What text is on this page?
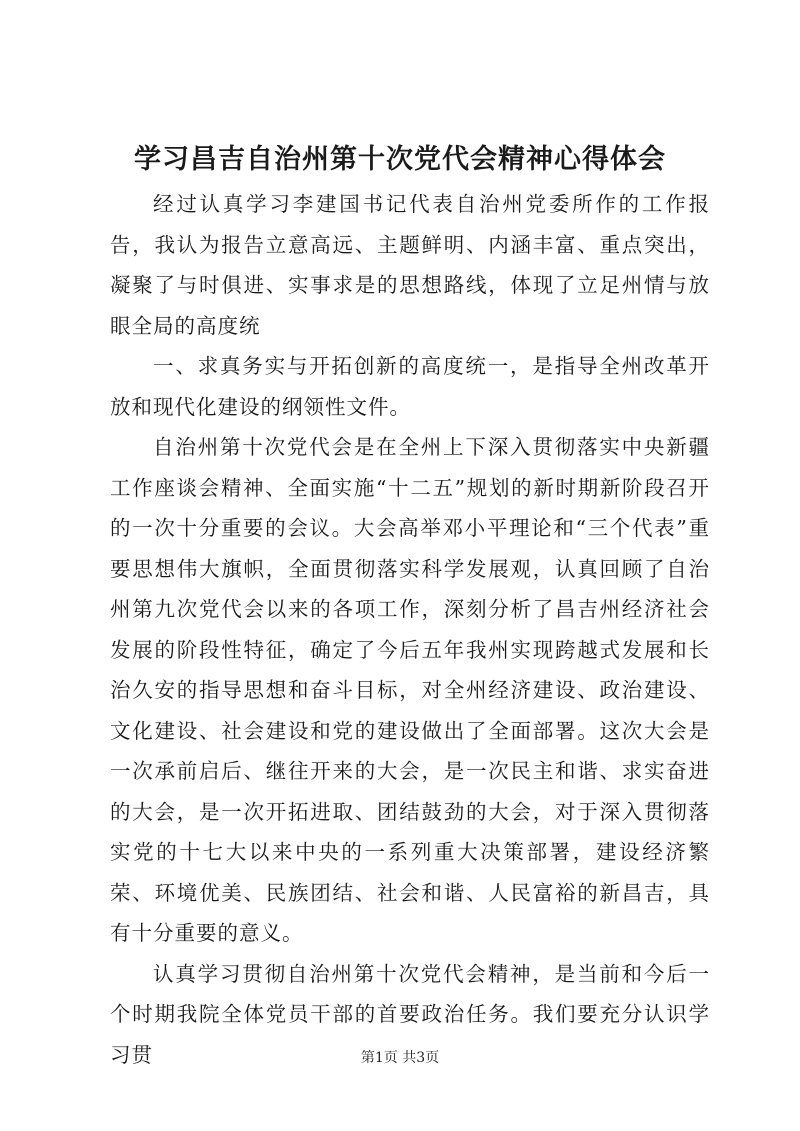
学习昌吉自治州第十次党代会精神心得体会

经过认真学习李建国书记代表自治州党委所作的工作报告，我认为报告立意高远、主题鲜明、内涵丰富、重点突出，凝聚了与时俱进、实事求是的思想路线，体现了立足州情与放眼全局的高度统

一、求真务实与开拓创新的高度统一，是指导全州改革开放和现代化建设的纲领性文件。

自治州第十次党代会是在全州上下深入贯彻落实中央新疆工作座谈会精神、全面实施“十二五”规划的新时期新阶段召开的一次十分重要的会议。大会高举邓小平理论和“三个代表”重要思想伟大旗帜，全面贯彻落实科学发展观，认真回顾了自治州第九次党代会以来的各项工作，深刻分析了昌吉州经济社会发展的阶段性特征，确定了今后五年我州实现跨越式发展和长治久安的指导思想和奋斗目标，对全州经济建设、政治建设、文化建设、社会建设和党的建设做出了全面部署。这次大会是一次承前启后、继往开来的大会，是一次民主和谐、求实奋进的大会，是一次开拓进取、团结鼓劲的大会，对于深入贯彻落实党的十七大以来中央的一系列重大决策部署，建设经济繁荣、环境优美、民族团结、社会和谐、人民富裕的新昌吉，具有十分重要的意义。

认真学习贯彻自治州第十次党代会精神，是当前和今后一个时期我院全体党员干部的首要政治任务。我们要充分认识学习贯	第1页 共3页
